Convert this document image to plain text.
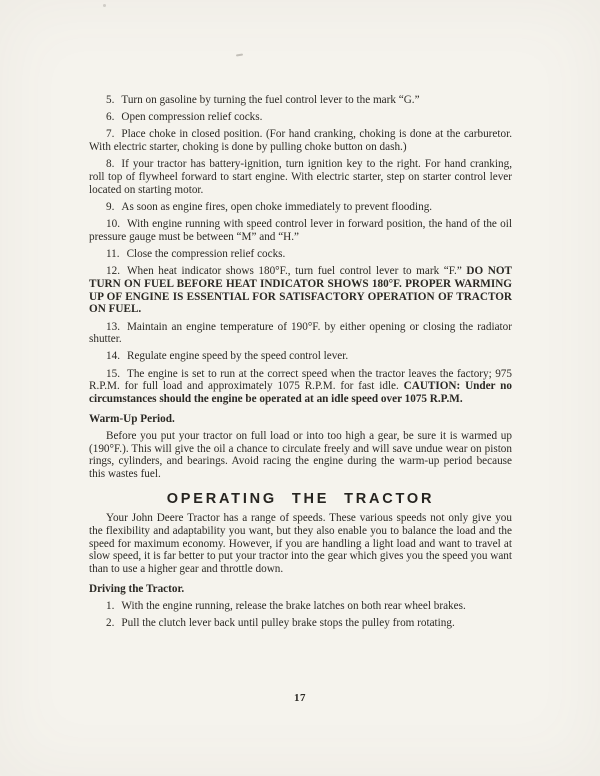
5. Turn on gasoline by turning the fuel control lever to the mark “G.”

6. Open compression relief cocks.

7. Place choke in closed position. (For hand cranking, choking is done at the carburetor. With electric starter, choking is done by pulling choke button on dash.)

8. If your tractor has battery-ignition, turn ignition key to the right. For hand cranking, roll top of flywheel forward to start engine. With electric starter, step on starter control lever located on starting motor.

9. As soon as engine fires, open choke immediately to prevent flooding.

10. With engine running with speed control lever in forward position, the hand of the oil pressure gauge must be between “M” and “H.”

11. Close the compression relief cocks.

12. When heat indicator shows 180°F., turn fuel control lever to mark “F.” DO NOT TURN ON FUEL BEFORE HEAT INDICATOR SHOWS 180°F. PROPER WARMING UP OF ENGINE IS ESSENTIAL FOR SATISFACTORY OPERATION OF TRACTOR ON FUEL.

13. Maintain an engine temperature of 190°F. by either opening or closing the radiator shutter.

14. Regulate engine speed by the speed control lever.

15. The engine is set to run at the correct speed when the tractor leaves the factory; 975 R.P.M. for full load and approximately 1075 R.P.M. for fast idle. CAUTION: Under no circumstances should the engine be operated at an idle speed over 1075 R.P.M.

Warm-Up Period.

Before you put your tractor on full load or into too high a gear, be sure it is warmed up (190°F.). This will give the oil a chance to circulate freely and will save undue wear on piston rings, cylinders, and bearings. Avoid racing the engine during the warm-up period because this wastes fuel.

OPERATING THE TRACTOR

Your John Deere Tractor has a range of speeds. These various speeds not only give you the flexibility and adaptability you want, but they also enable you to balance the load and the speed for maximum economy. However, if you are handling a light load and want to travel at slow speed, it is far better to put your tractor into the gear which gives you the speed you want than to use a higher gear and throttle down.

Driving the Tractor.

1. With the engine running, release the brake latches on both rear wheel brakes.

2. Pull the clutch lever back until pulley brake stops the pulley from rotating.

17
